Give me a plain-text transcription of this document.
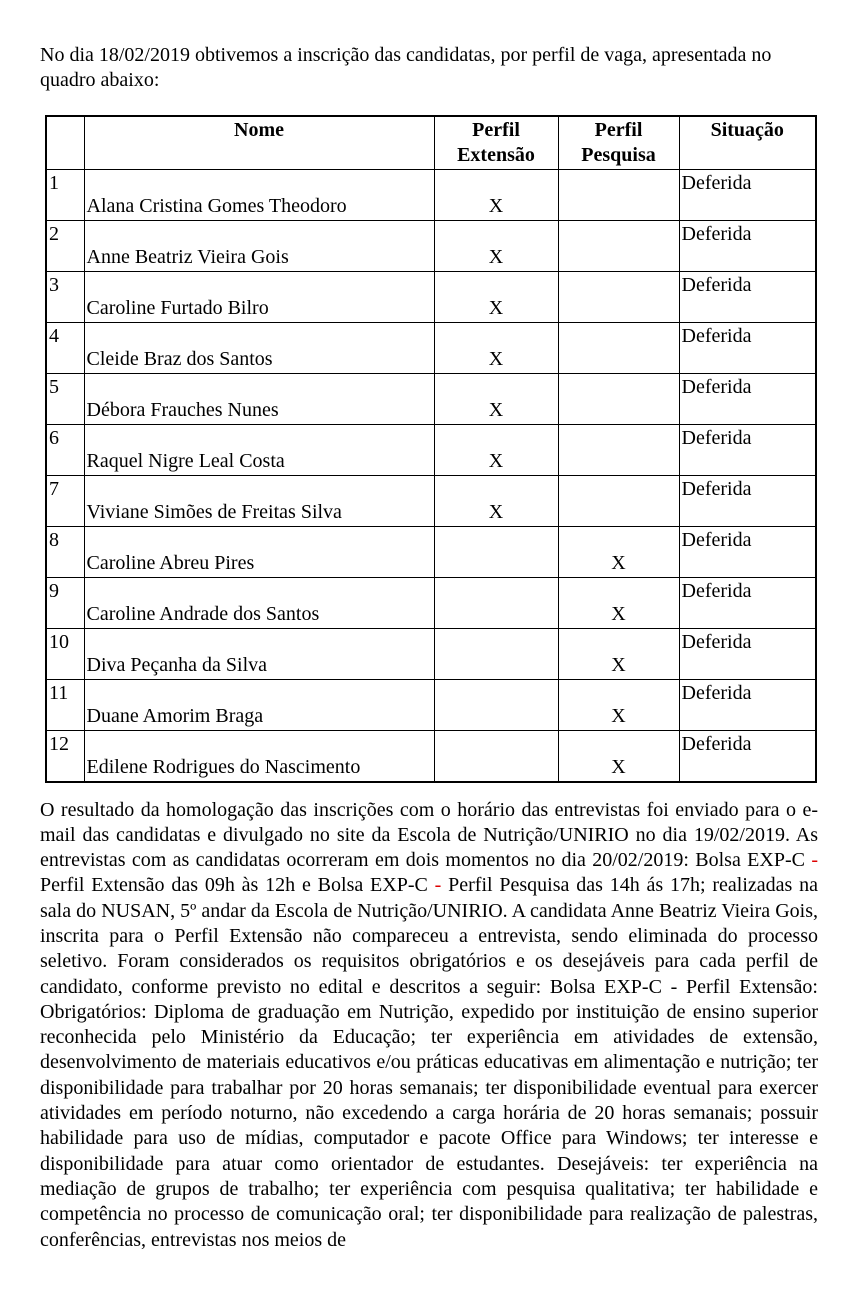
No dia 18/02/2019 obtivemos a inscrição das candidatas, por perfil de vaga, apresentada no quadro abaixo:

	Nome	Perfil Extensão	Perfil Pesquisa	Situação
1	Alana Cristina Gomes Theodoro	X		Deferida
2	Anne Beatriz Vieira Gois	X		Deferida
3	Caroline Furtado Bilro	X		Deferida
4	Cleide Braz dos Santos	X		Deferida
5	Débora Frauches Nunes	X		Deferida
6	Raquel Nigre Leal Costa	X		Deferida
7	Viviane Simões de Freitas Silva	X		Deferida
8	Caroline Abreu Pires		X	Deferida
9	Caroline Andrade dos Santos		X	Deferida
10	Diva Peçanha da Silva		X	Deferida
11	Duane Amorim Braga		X	Deferida
12	Edilene Rodrigues do Nascimento		X	Deferida

O resultado da homologação das inscrições com o horário das entrevistas foi enviado para o e-mail das candidatas e divulgado no site da Escola de Nutrição/UNIRIO no dia 19/02/2019. As entrevistas com as candidatas ocorreram em dois momentos no dia 20/02/2019: Bolsa EXP-C - Perfil Extensão das 09h às 12h e Bolsa EXP-C - Perfil Pesquisa das 14h ás 17h; realizadas na sala do NUSAN, 5º andar da Escola de Nutrição/UNIRIO. A candidata Anne Beatriz Vieira Gois, inscrita para o Perfil Extensão não compareceu a entrevista, sendo eliminada do processo seletivo. Foram considerados os requisitos obrigatórios e os desejáveis para cada perfil de candidato, conforme previsto no edital e descritos a seguir: Bolsa EXP-C - Perfil Extensão: Obrigatórios: Diploma de graduação em Nutrição, expedido por instituição de ensino superior reconhecida pelo Ministério da Educação; ter experiência em atividades de extensão, desenvolvimento de materiais educativos e/ou práticas educativas em alimentação e nutrição; ter disponibilidade para trabalhar por 20 horas semanais; ter disponibilidade eventual para exercer atividades em período noturno, não excedendo a carga horária de 20 horas semanais; possuir habilidade para uso de mídias, computador e pacote Office para Windows; ter interesse e disponibilidade para atuar como orientador de estudantes. Desejáveis: ter experiência na mediação de grupos de trabalho; ter experiência com pesquisa qualitativa; ter habilidade e competência no processo de comunicação oral; ter disponibilidade para realização de palestras, conferências, entrevistas nos meios de
